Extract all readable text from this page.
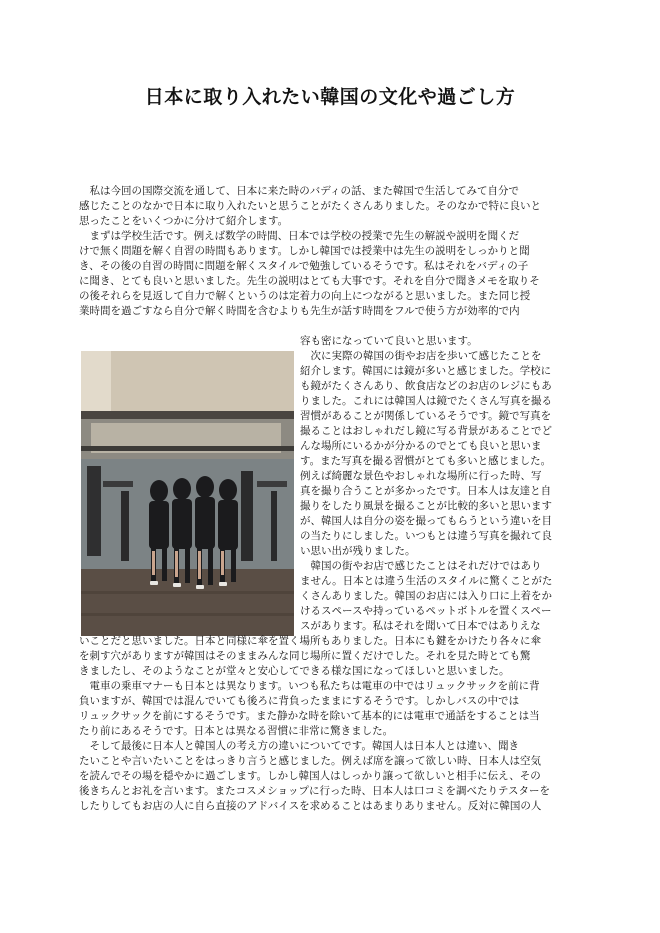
日本に取り入れたい韓国の文化や過ごし方

　私は今回の国際交流を通して、日本に来た時のバディの話、また韓国で生活してみて自分で
感じたことのなかで日本に取り入れたいと思うことがたくさんありました。そのなかで特に良いと
思ったことをいくつかに分けて紹介します。

　まずは学校生活です。例えば数学の時間、日本では学校の授業で先生の解説や説明を聞くだ
けで無く問題を解く自習の時間もあります。しかし韓国では授業中は先生の説明をしっかりと聞
き、その後の自習の時間に問題を解くスタイルで勉強しているそうです。私はそれをバディの子
に聞き、とても良いと思いました。先生の説明はとても大事です。それを自分で聞きメモを取りそ
の後それらを見返して自力で解くというのは定着力の向上につながると思いました。また同じ授
業時間を過ごすなら自分で解く時間を含むよりも先生が話す時間をフルで使う方が効率的で内

容も密になっていて良いと思います。

　次に実際の韓国の街やお店を歩いて感じたことを
紹介します。韓国には鏡が多いと感じました。学校に
も鏡がたくさんあり、飲食店などのお店のレジにもあ
りました。これには韓国人は鏡でたくさん写真を撮る
習慣があることが関係しているそうです。鏡で写真を
撮ることはおしゃれだし鏡に写る背景があることでど
んな場所にいるかが分かるのでとても良いと思いま
す。また写真を撮る習慣がとても多いと感じました。
例えば綺麗な景色やおしゃれな場所に行った時、写
真を撮り合うことが多かったです。日本人は友達と自
撮りをしたり風景を撮ることが比較的多いと思います
が、韓国人は自分の姿を撮ってもらうという違いを目
の当たりにしました。いつもとは違う写真を撮れて良
い思い出が残りました。
　韓国の街やお店で感じたことはそれだけではあり
ません。日本とは違う生活のスタイルに驚くことがた
くさんありました。韓国のお店には入り口に上着をか
けるスペースや持っているペットボトルを置くスペー
スがあります。私はそれを聞いて日本ではありえな

いことだと思いました。日本と同様に傘を置く場所もありました。日本にも鍵をかけたり各々に傘
を刺す穴がありますが韓国はそのままみんな同じ場所に置くだけでした。それを見た時とても驚
きましたし、そのようなことが堂々と安心してできる様な国になってほしいと思いました。

　電車の乗車マナーも日本とは異なります。いつも私たちは電車の中ではリュックサックを前に背
負いますが、韓国では混んでいても後ろに背負ったままにするそうです。しかしバスの中では
リュックサックを前にするそうです。また静かな時を除いて基本的には電車で通話をすることは当
たり前にあるそうです。日本とは異なる習慣に非常に驚きました。

　そして最後に日本人と韓国人の考え方の違いについてです。韓国人は日本人とは違い、聞き
たいことや言いたいことをはっきり言うと感じました。例えば席を譲って欲しい時、日本人は空気
を読んでその場を穏やかに過ごします。しかし韓国人はしっかり譲って欲しいと相手に伝え、その
後きちんとお礼を言います。またコスメショップに行った時、日本人は口コミを調べたりテスターを
したりしてもお店の人に自ら直接のアドバイスを求めることはあまりありません。反対に韓国の人
